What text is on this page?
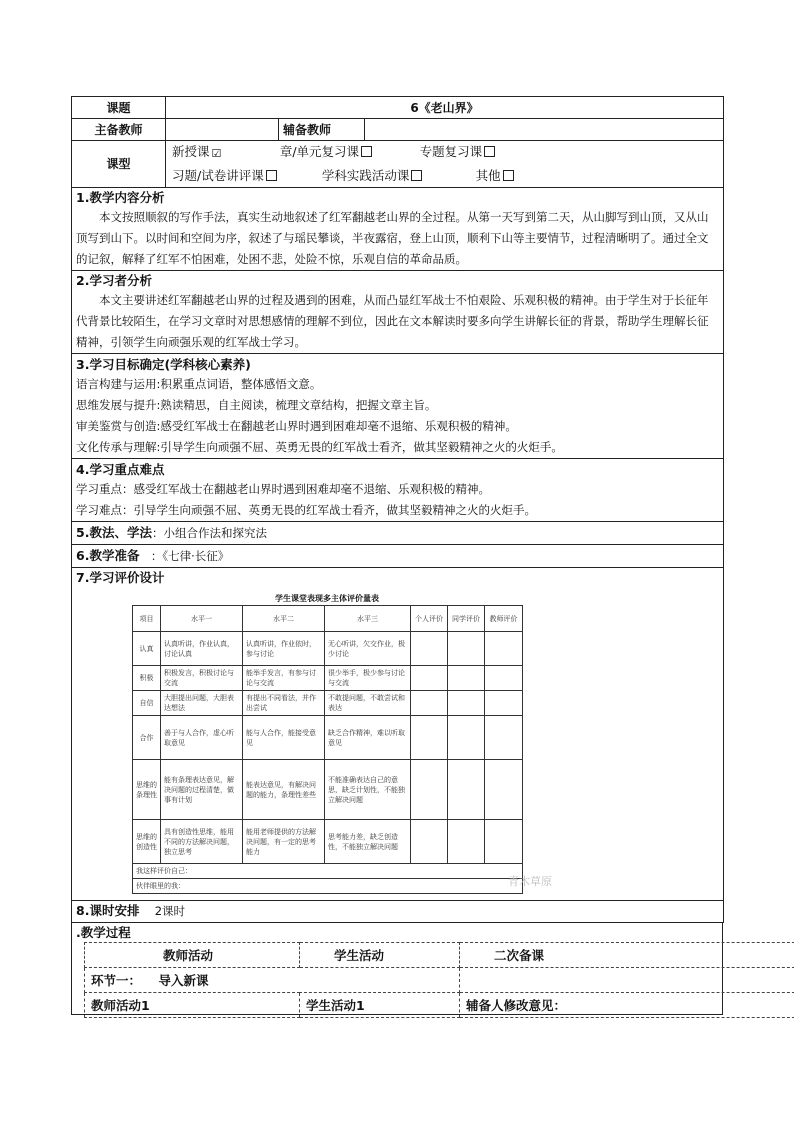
课题	6《老山界》
主备教师		辅备教师	
课型	
新授课 ☑	章/单元复习课	专题复习课
习题/试卷讲评课	学科实践活动课	其他

1.教学内容分析
本文按照顺叙的写作手法，真实生动地叙述了红军翻越老山界的全过程。从第一天写到第二天，从山脚写到山顶，又从山顶写到山下。以时间和空间为序，叙述了与瑶民攀谈，半夜露宿，登上山顶，顺利下山等主要情节，过程清晰明了。通过全文的记叙，解释了红军不怕困难，处困不悲，处险不惊，乐观自信的革命品质。

2.学习者分析
本文主要讲述红军翻越老山界的过程及遇到的困难，从而凸显红军战士不怕艰险、乐观积极的精神。由于学生对于长征年代背景比较陌生，在学习文章时对思想感情的理解不到位，因此在文本解读时要多向学生讲解长征的背景，帮助学生理解长征精神，引领学生向顽强乐观的红军战士学习。

3.学习目标确定(学科核心素养)
语言构建与运用:积累重点词语，整体感悟文意。
思维发展与提升:熟读精思，自主阅读，梳理文章结构，把握文章主旨。
审美鉴赏与创造:感受红军战士在翻越老山界时遇到困难却毫不退缩、乐观积极的精神。
文化传承与理解:引导学生向顽强不屈、英勇无畏的红军战士看齐，做其坚毅精神之火的火炬手。

4.学习重点难点
学习重点：感受红军战士在翻越老山界时遇到困难却毫不退缩、乐观积极的精神。
学习难点：引导学生向顽强不屈、英勇无畏的红军战士看齐，做其坚毅精神之火的火炬手。

5.教法、学法：小组合作法和探究法
6.教学准备 ：《七律·长征》

7.学习评价设计
学生课堂表现多主体评价量表
项目	水平一	水平二	水平三	个人评价	同学评价	教师评价
认真	认真听讲，作业认真，讨论认真	认真听讲，作业依时，参与讨论	无心听讲，欠交作业，极少讨论			
积极	积极发言，积极讨论与交流	能举手发言，有参与讨论与交流	很少举手，极少参与讨论与交流			
自信	大胆提出问题，大胆表达想法	有提出不同看法，并作出尝试	不敢提问题，不敢尝试和表达			
合作	善于与人合作，虚心听取意见	能与人合作，能接受意见	缺乏合作精神，难以听取意见			
思维的条理性	能有条理表达意见，解决问题的过程清楚，做事有计划	能表达意见，有解决问题的能力，条理性差些	不能准确表达自己的意思，缺乏计划性，不能独立解决问题			
思维的创造性	具有创造性思维，能用不同的方法解决问题，独立思考	能用老师提供的方法解决问题，有一定的思考能力	思考能力差，缺乏创造性，不能独立解决问题			
我这样评价自己：
伙伴眼里的我：	青木草原

8.课时安排 2课时
.教学过程
教师活动	学生活动	二次备课
环节一： 导入新课		
教师活动1	学生活动1	辅备人修改意见：
